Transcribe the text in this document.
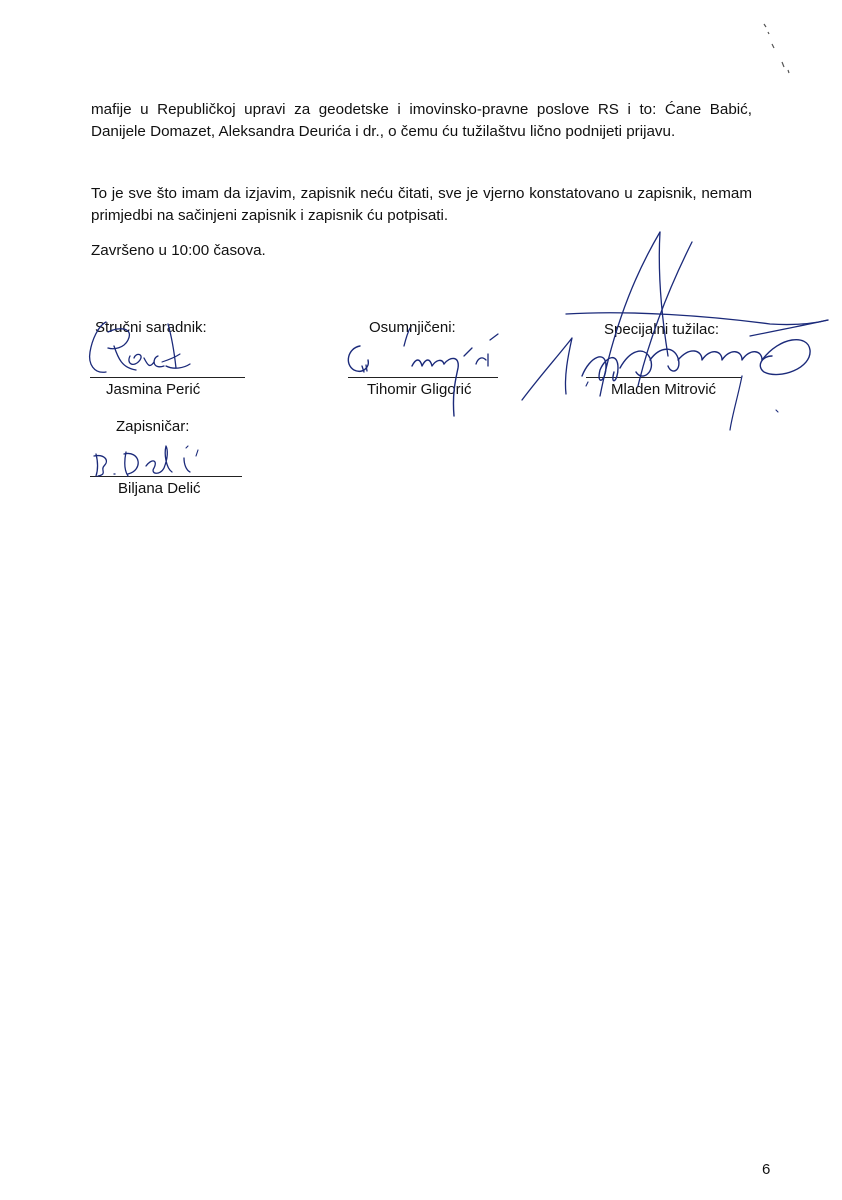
mafije u Republičkoj upravi za geodetske i imovinsko-pravne poslove RS i to: Ćane Babić, Danijele Domazet, Aleksandra Deurića i dr., o čemu ću tužilaštvu lično podnijeti prijavu.

To je sve što imam da izjavim, zapisnik neću čitati, sve je vjerno konstatovano u zapisnik, nemam primjedbi na sačinjeni zapisnik i zapisnik ću potpisati.

Završeno u 10:00 časova.

Stručni saradnik:
Jasmina Perić
Osumnjičeni:
Tihomir Gligorić
Specijalni tužilac:
Mladen Mitrović
Zapisničar:
Biljana Delić
6
